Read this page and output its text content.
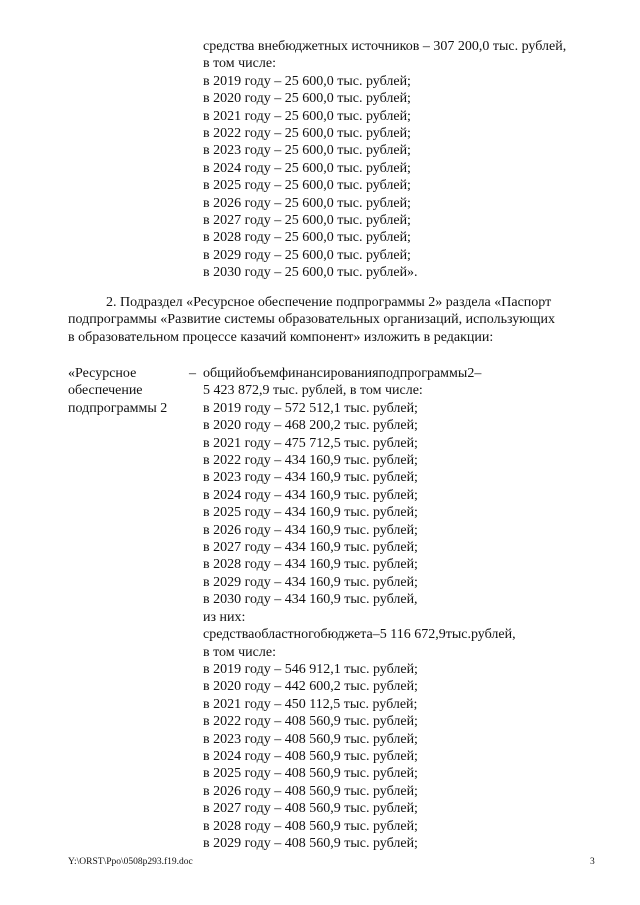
средства внебюджетных источников – 307 200,0 тыс. рублей,
в том числе:
в 2019 году – 25 600,0 тыс. рублей;
в 2020 году – 25 600,0 тыс. рублей;
в 2021 году – 25 600,0 тыс. рублей;
в 2022 году – 25 600,0 тыс. рублей;
в 2023 году – 25 600,0 тыс. рублей;
в 2024 году – 25 600,0 тыс. рублей;
в 2025 году – 25 600,0 тыс. рублей;
в 2026 году – 25 600,0 тыс. рублей;
в 2027 году – 25 600,0 тыс. рублей;
в 2028 году – 25 600,0 тыс. рублей;
в 2029 году – 25 600,0 тыс. рублей;
в 2030 году – 25 600,0 тыс. рублей».
2. Подраздел «Ресурсное обеспечение подпрограммы 2» раздела «Паспорт
подпрограммы «Развитие системы образовательных организаций, использующих
в образовательном процессе казачий компонент» изложить в редакции:
«Ресурсное
обеспечение
подпрограммы 2
– общийобъемфинансированияподпрограммы2–
5 423 872,9 тыс. рублей, в том числе:
в 2019 году – 572 512,1 тыс. рублей;
в 2020 году – 468 200,2 тыс. рублей;
в 2021 году – 475 712,5 тыс. рублей;
в 2022 году – 434 160,9 тыс. рублей;
в 2023 году – 434 160,9 тыс. рублей;
в 2024 году – 434 160,9 тыс. рублей;
в 2025 году – 434 160,9 тыс. рублей;
в 2026 году – 434 160,9 тыс. рублей;
в 2027 году – 434 160,9 тыс. рублей;
в 2028 году – 434 160,9 тыс. рублей;
в 2029 году – 434 160,9 тыс. рублей;
в 2030 году – 434 160,9 тыс. рублей,
из них:
средстваобластногобюджета–5 116 672,9тыс.рублей,
в том числе:
в 2019 году – 546 912,1 тыс. рублей;
в 2020 году – 442 600,2 тыс. рублей;
в 2021 году – 450 112,5 тыс. рублей;
в 2022 году – 408 560,9 тыс. рублей;
в 2023 году – 408 560,9 тыс. рублей;
в 2024 году – 408 560,9 тыс. рублей;
в 2025 году – 408 560,9 тыс. рублей;
в 2026 году – 408 560,9 тыс. рублей;
в 2027 году – 408 560,9 тыс. рублей;
в 2028 году – 408 560,9 тыс. рублей;
в 2029 году – 408 560,9 тыс. рублей;
Y:\ORST\Ppo\0508p293.f19.doc	3
